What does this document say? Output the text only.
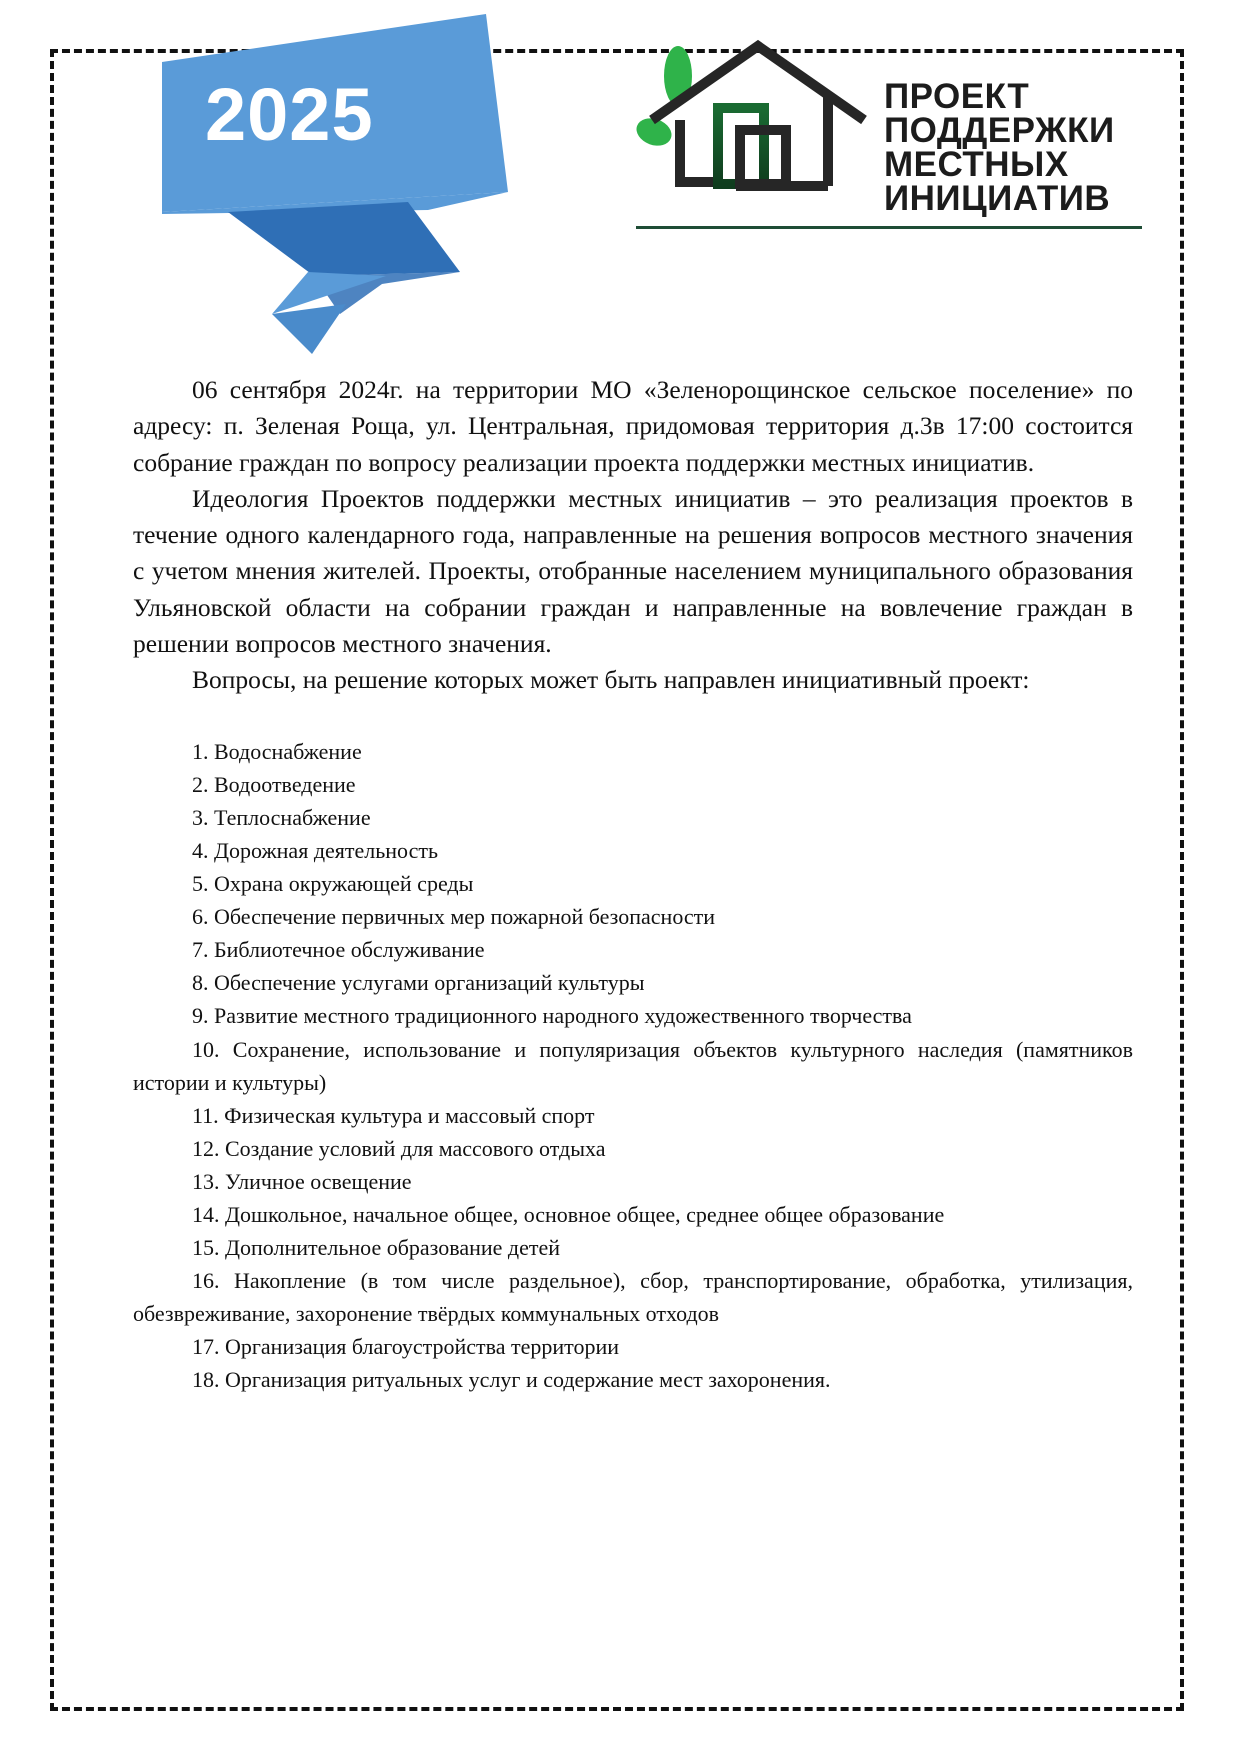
2025	ПРОЕКТ
ПОДДЕРЖКИ
МЕСТНЫХ
ИНИЦИАТИВ

06 сентября 2024г. на территории МО «Зеленорощинское сельское поселение» по адресу: п. Зеленая Роща, ул. Центральная, придомовая территория д.3в 17:00 состоится собрание граждан по вопросу реализации проекта поддержки местных инициатив.

Идеология Проектов поддержки местных инициатив – это реализация проектов в течение одного календарного года, направленные на решения вопросов местного значения с учетом мнения жителей. Проекты, отобранные населением муниципального образования Ульяновской области на собрании граждан и направленные на вовлечение граждан в решении вопросов местного значения.

Вопросы, на решение которых может быть направлен инициативный проект:

1. Водоснабжение

2. Водоотведение

3. Теплоснабжение

4. Дорожная деятельность

5. Охрана окружающей среды

6. Обеспечение первичных мер пожарной безопасности

7. Библиотечное обслуживание

8. Обеспечение услугами организаций культуры

9. Развитие местного традиционного народного художественного творчества

10. Сохранение, использование и популяризация объектов культурного наследия (памятников истории и культуры)

11. Физическая культура и массовый спорт

12. Создание условий для массового отдыха

13. Уличное освещение

14. Дошкольное, начальное общее, основное общее, среднее общее образование

15. Дополнительное образование детей

16. Накопление (в том числе раздельное), сбор, транспортирование, обработка, утилизация, обезвреживание, захоронение твёрдых коммунальных отходов

17. Организация благоустройства территории

18. Организация ритуальных услуг и содержание мест захоронения.
